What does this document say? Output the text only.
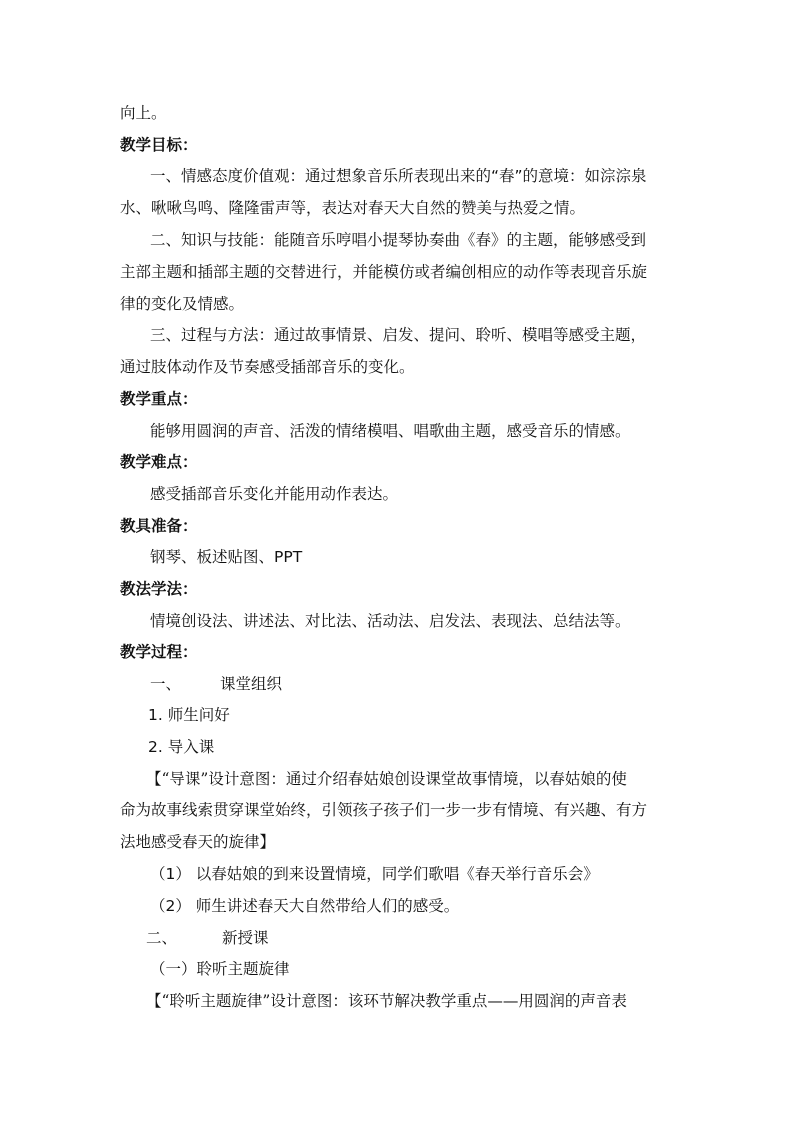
向上。
教学目标：
一、情感态度价值观：通过想象音乐所表现出来的“春”的意境：如淙淙泉
水、啾啾鸟鸣、隆隆雷声等，表达对春天大自然的赞美与热爱之情。
二、知识与技能：能随音乐哼唱小提琴协奏曲《春》的主题，能够感受到
主部主题和插部主题的交替进行，并能模仿或者编创相应的动作等表现音乐旋
律的变化及情感。
三、过程与方法：通过故事情景、启发、提问、聆听、模唱等感受主题，
通过肢体动作及节奏感受插部音乐的变化。
教学重点：
能够用圆润的声音、活泼的情绪模唱、唱歌曲主题，感受音乐的情感。
教学难点：
感受插部音乐变化并能用动作表达。
教具准备：
钢琴、板述贴图、PPT
教法学法：
情境创设法、讲述法、对比法、活动法、启发法、表现法、总结法等。
教学过程：
一、	课堂组织
1. 师生问好
2. 导入课
【“导课”设计意图：通过介绍春姑娘创设课堂故事情境，以春姑娘的使
命为故事线索贯穿课堂始终，引领孩子孩子们一步一步有情境、有兴趣、有方
法地感受春天的旋律】
（1） 以春姑娘的到来设置情境，同学们歌唱《春天举行音乐会》
（2） 师生讲述春天大自然带给人们的感受。
二、	新授课
（一）聆听主题旋律
【“聆听主题旋律”设计意图：该环节解决教学重点——用圆润的声音表
